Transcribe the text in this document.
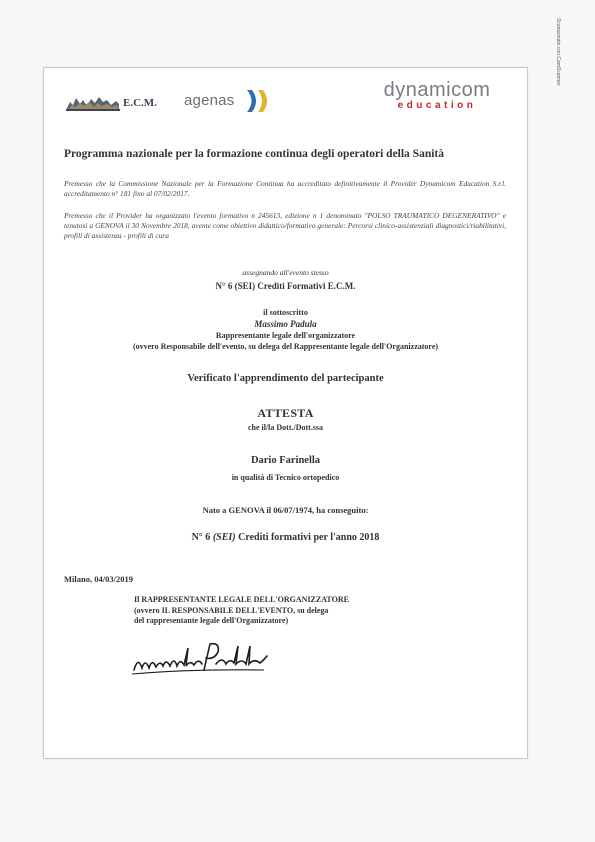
Scansionato con CamScanner
E.C.M. agenas	dynamicom
education
Programma nazionale per la formazione continua degli operatori della Sanità
Premesso che la Commissione Nazionale per la Formazione Continua ha accreditato definitivamente il Provider Dynamicom Education S.r.l. accreditamento n° 181 fino al 07/02/2017.
Premesso che il Provider ha organizzato l'evento formativo n 245613, edizione n 1 denominato "POLSO TRAUMATICO DEGENERATIVO" e tenutosi a GENOVA il 30 Novembre 2018, avente come obiettivo didattico/formativo generale: Percorsi clinico-assistenziali diagnostici/riabilitativi, profili di assistenza - profili di cura
assegnando all'evento stesso
N° 6 (SEI) Crediti Formativi E.C.M.
il sottoscritto
Massimo Padula
Rappresentante legale dell'organizzatore
(ovvero Responsabile dell'evento, su delega del Rappresentante legale dell'Organizzatore)
Verificato l'apprendimento del partecipante
ATTESTA
che il/la Dott./Dott.ssa
Dario Farinella
in qualità di Tecnico ortopedico
Nato a GENOVA il 06/07/1974, ha conseguito:
N° 6 (SEI) Crediti formativi per l'anno 2018
Milano, 04/03/2019
Il RAPPRESENTANTE LEGALE DELL'ORGANIZZATORE
(ovvero IL RESPONSABILE DELL'EVENTO, su delega
del rappresentante legale dell'Organizzatore)
